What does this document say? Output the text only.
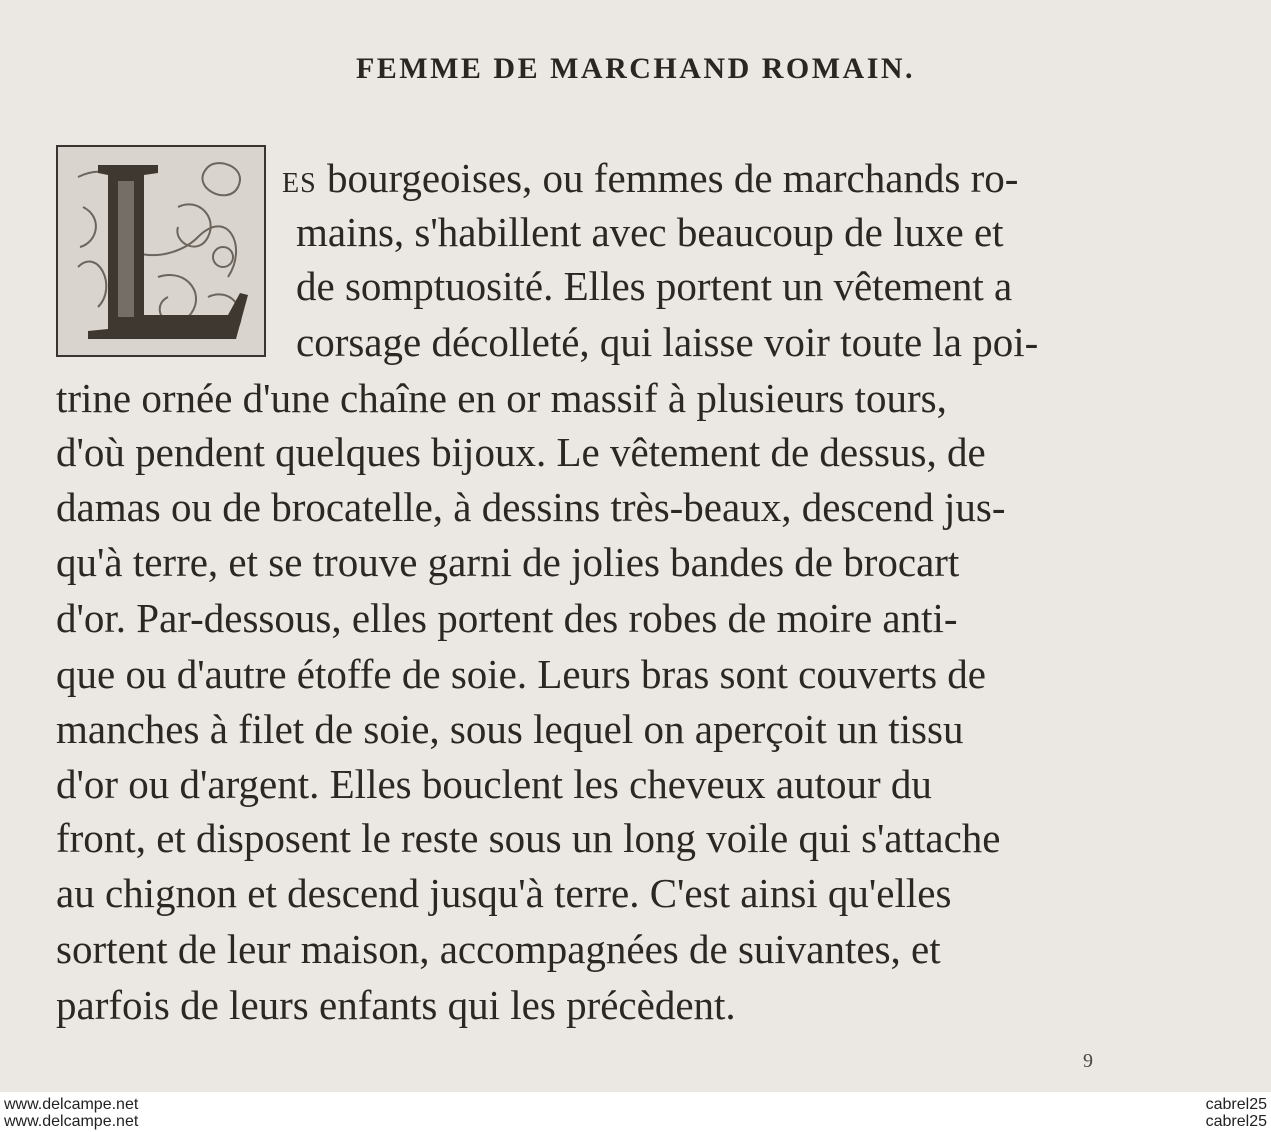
FEMME DE MARCHAND ROMAIN.
ES bourgeoises, ou femmes de marchands ro-
mains, s'habillent avec beaucoup de luxe et
de somptuosité. Elles portent un vêtement a
corsage décolleté, qui laisse voir toute la poi-
trine ornée d'une chaîne en or massif à plusieurs tours,
d'où pendent quelques bijoux. Le vêtement de dessus, de
damas ou de brocatelle, à dessins très-beaux, descend jus-
qu'à terre, et se trouve garni de jolies bandes de brocart
d'or. Par-dessous, elles portent des robes de moire anti-
que ou d'autre étoffe de soie. Leurs bras sont couverts de
manches à filet de soie, sous lequel on aperçoit un tissu
d'or ou d'argent. Elles bouclent les cheveux autour du
front, et disposent le reste sous un long voile qui s'attache
au chignon et descend jusqu'à terre. C'est ainsi qu'elles
sortent de leur maison, accompagnées de suivantes, et
parfois de leurs enfants qui les précèdent.
9
www.delcampe.net
www.delcampe.net
cabrel25
cabrel25
